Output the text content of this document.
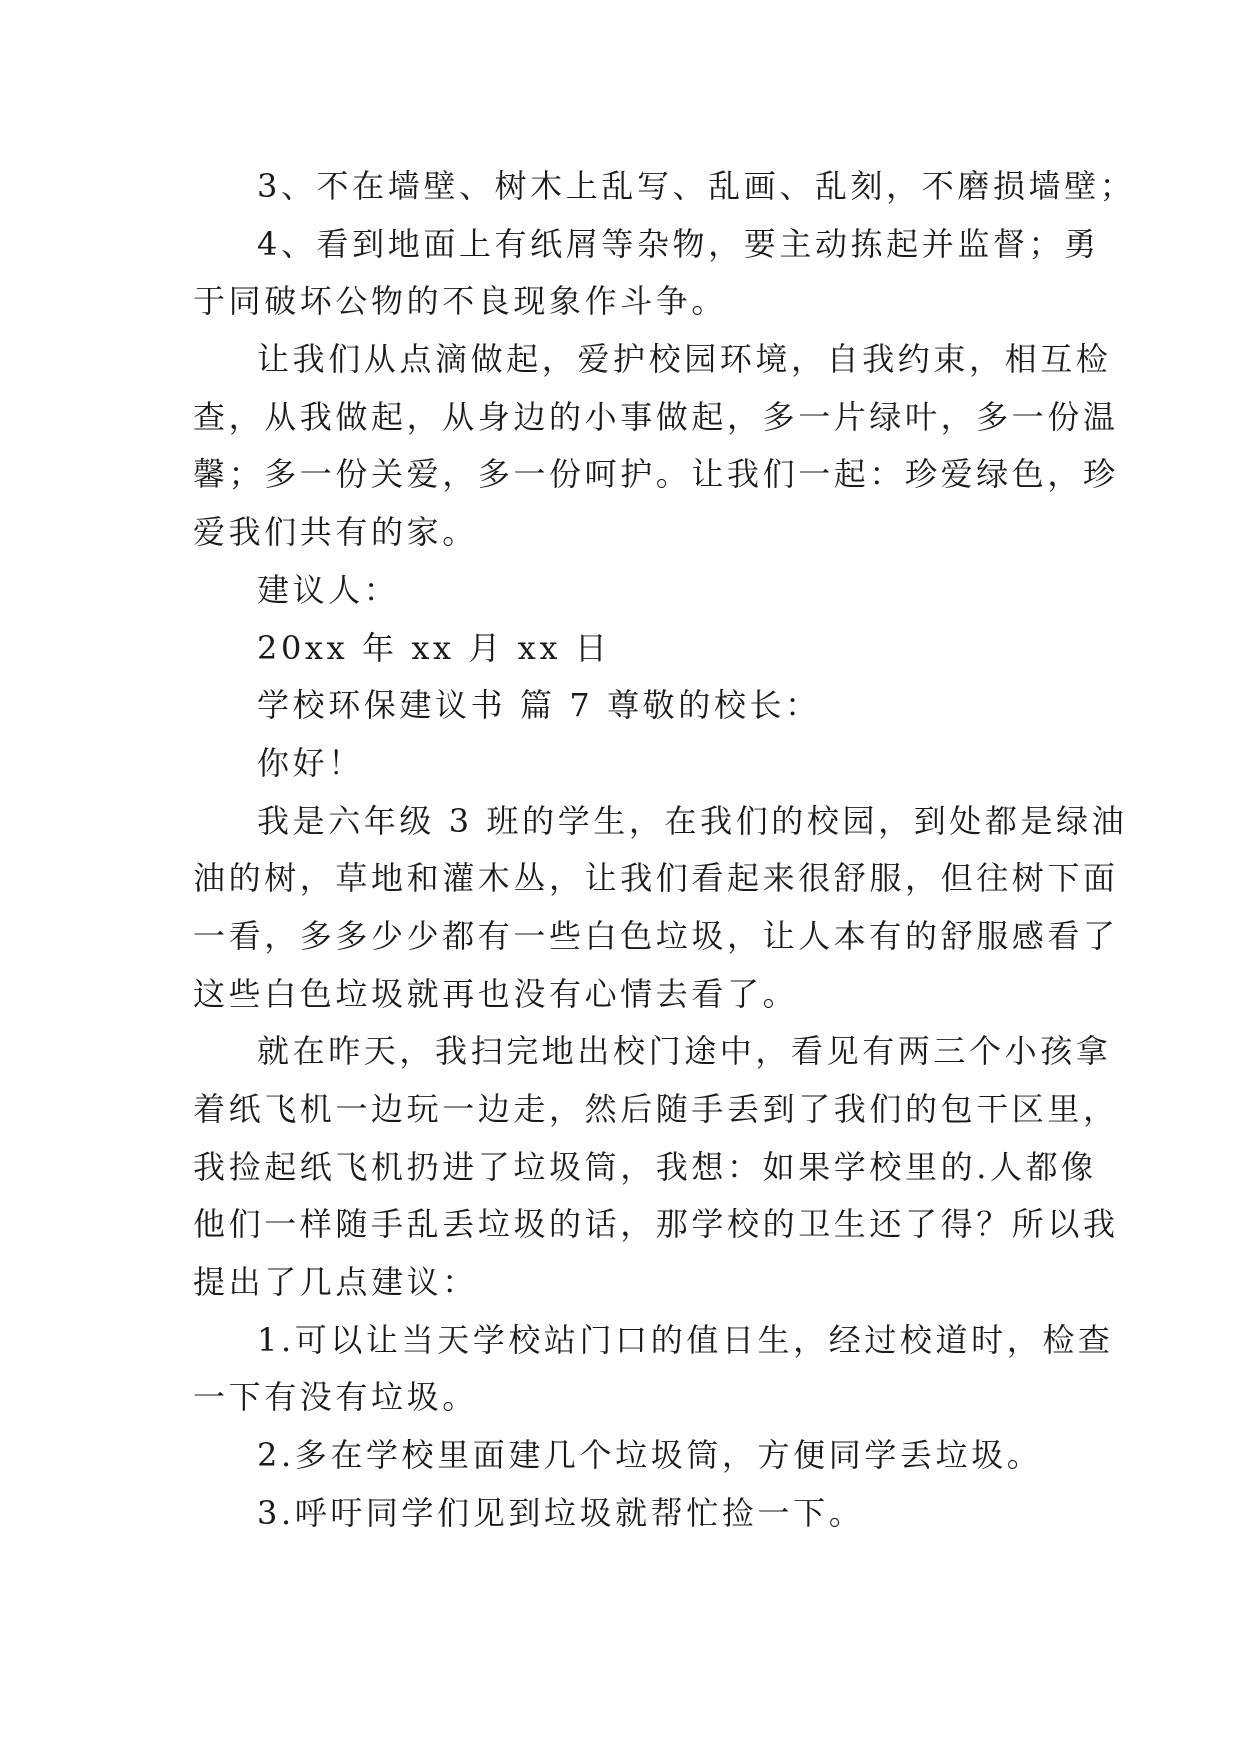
3、不在墙壁、树木上乱写、乱画、乱刻，不磨损墙壁；
4、看到地面上有纸屑等杂物，要主动拣起并监督；勇
于同破坏公物的不良现象作斗争。
让我们从点滴做起，爱护校园环境，自我约束，相互检
查，从我做起，从身边的小事做起，多一片绿叶，多一份温
馨；多一份关爱，多一份呵护。让我们一起：珍爱绿色，珍
爱我们共有的家。
建议人：
20xx 年 xx 月 xx 日
学校环保建议书 篇 7 尊敬的校长：
你好！
我是六年级 3 班的学生，在我们的校园，到处都是绿油
油的树，草地和灌木丛，让我们看起来很舒服，但往树下面
一看，多多少少都有一些白色垃圾，让人本有的舒服感看了
这些白色垃圾就再也没有心情去看了。
就在昨天，我扫完地出校门途中，看见有两三个小孩拿
着纸飞机一边玩一边走，然后随手丢到了我们的包干区里，
我捡起纸飞机扔进了垃圾筒，我想：如果学校里的.人都像
他们一样随手乱丢垃圾的话，那学校的卫生还了得？所以我
提出了几点建议：
1.可以让当天学校站门口的值日生，经过校道时，检查
一下有没有垃圾。
2.多在学校里面建几个垃圾筒，方便同学丢垃圾。
3.呼吁同学们见到垃圾就帮忙捡一下。
